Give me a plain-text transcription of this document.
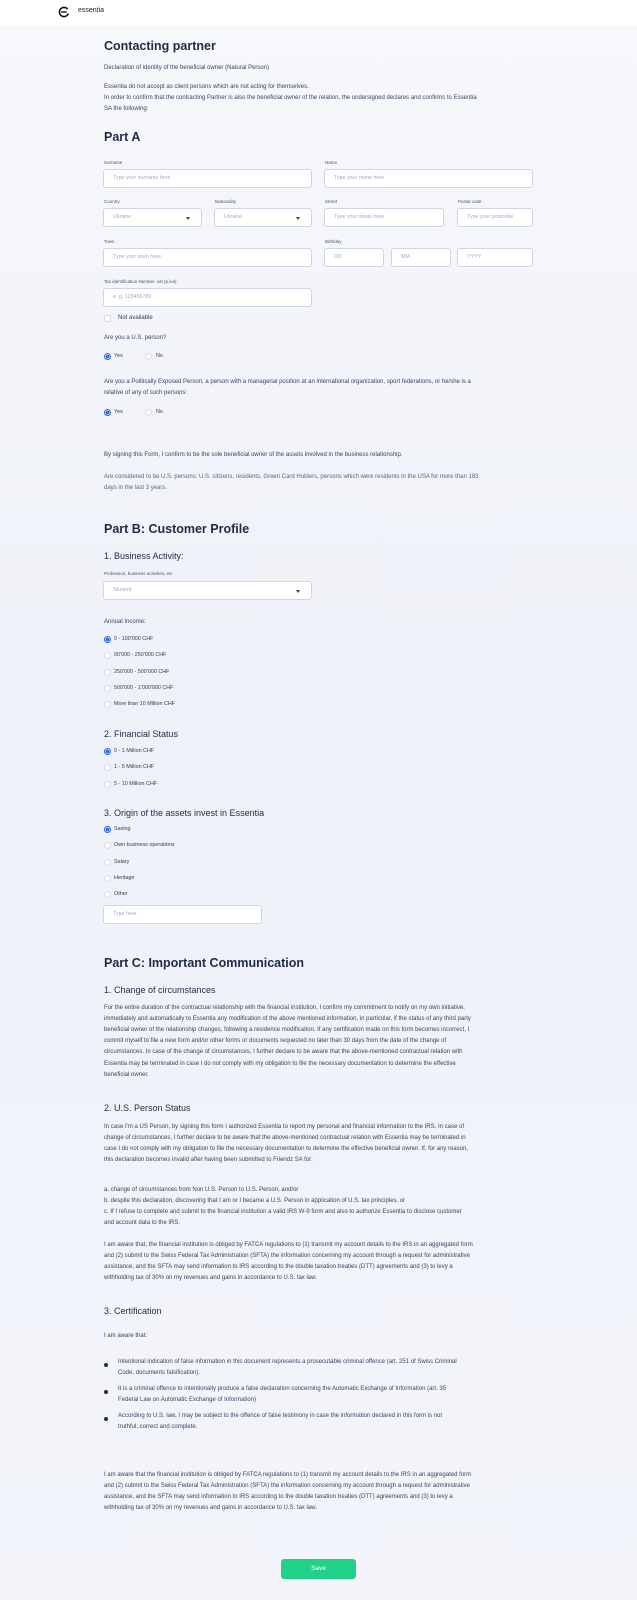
essentia
Contacting partner
Declaration of identity of the beneficial owner (Natural Person)
Essentia do not accept as client persons which are not acting for themselves.
In order to confirm that the contracting Partner is also the beneficial owner of the relation, the undersigned declares and confirms to Essentia
SA the following:
Part A
Surname
Type your surname here
Name
Type your name here
Country
Ukraine
Nationality
Ukraine
Street
Type your street here
Postal code
Type your postcode
Town
Type your town here
Birthday
DD	MM	YYYY
Tax identification Number, vat (p.iva)
e. g. 123456789
Not available
Are you a U.S. person?
Yes	No
Are you a Politically Exposed Person, a person with a managerial position at an international organization, sport federations, or he/she is a
relative of any of such persons:
Yes	No
By signing this Form, I confirm to be the sole beneficial owner of the assets involved in the business relationship.
Are considered to be U.S. persons: U.S. citizens, residents, Green Card Holders, persons which were residents in the USA for more than 183
days in the last 3 years.
Part B: Customer Profile
1. Business Activity:
Profession, business activities, etc
Student
Annual Income:
0 - 100'000 CHF
00'000 - 250'000 CHF
250'000 - 500'000 CHF
500'000 - 1'000'000 CHF
More than 10 Million CHF
2. Financial Status
0 - 1 Million CHF
1 - 5 Million CHF
5 - 10 Million CHF
3. Origin of the assets invest in Essentia
Saving
Own business operations
Salary
Heritage
Other
Type here
Part C: Important Communication
1. Change of circumstances
For the entire duration of the contractual relationship with the financial institution, I confirm my commitment to notify on my own initiative,
immediately and automatically to Essentia any modification of the above mentioned information, in particular, if the status of any third party
beneficial owner of the relationship changes, following a residence modification. If any certification made on this form becomes incorrect, I
commit myself to file a new form and/or other forms or documents requested no later than 30 days from the date of the change of
circumstances. In case of the change of circumstances, I further declare to be aware that the above-mentioned contractual relation with
Essentia may be terminated in case I do not comply with my obligation to file the necessary documentation to determine the effective
beneficial owner.
2. U.S. Person Status
In case I'm a US Person, by signing this form I authorized Essentia to report my personal and financial information to the IRS. In case of
change of circumstances, I further declare to be aware that the above-mentioned contractual relation with Essentia may be terminated in
case I do not comply with my obligation to file the necessary documentation to determine the effective beneficial owner. If, for any reason,
this declaration becomes invalid after having been submitted to Friendz SA for:
a. change of circumstances from Non U.S. Person to U.S. Person, and/or
b. despite this declaration, discovering that I am or I became a U.S. Person in application of U.S. tax principles, or
c. If I refuse to complete and submit to the financial institution a valid IRS W-9 form and also to authorize Essentia to disclose customer
and account data to the IRS.
I am aware that, the financial institution is obliged by FATCA regulations to (1) transmit my account details to the IRS in an aggregated form
and (2) submit to the Swiss Federal Tax Administration (SFTA) the information concerning my account through a request for administrative
assistance, and the SFTA may send information to IRS according to the double taxation treaties (DTT) agreements and (3) to levy a
withholding tax of 30% on my revenues and gains in accordance to U.S. tax law.
3. Certification
I am aware that:
Intentional indication of false information in this document represents a prosecutable criminal offence (art. 251 of Swiss Criminal
Code, documents falsification).
It is a criminal offence to intentionally produce a false declaration concerning the Automatic Exchange of Information (art. 35
Federal Law on Automatic Exchange of Information)
According to U.S. law, I may be subject to the offence of false testimony in case the information declared in this form is not
truthful, correct and complete.
I am aware that the financial institution is obliged by FATCA regulations to (1) transmit my account details to the IRS in an aggregated form
and (2) submit to the Swiss Federal Tax Administration (SFTA) the information concerning my account through a request for administrative
assistance, and the SFTA may send information to IRS according to the double taxation treaties (DTT) agreements and (3) to levy a
withholding tax of 30% on my revenues and gains in accordance to U.S. tax law.
Save
